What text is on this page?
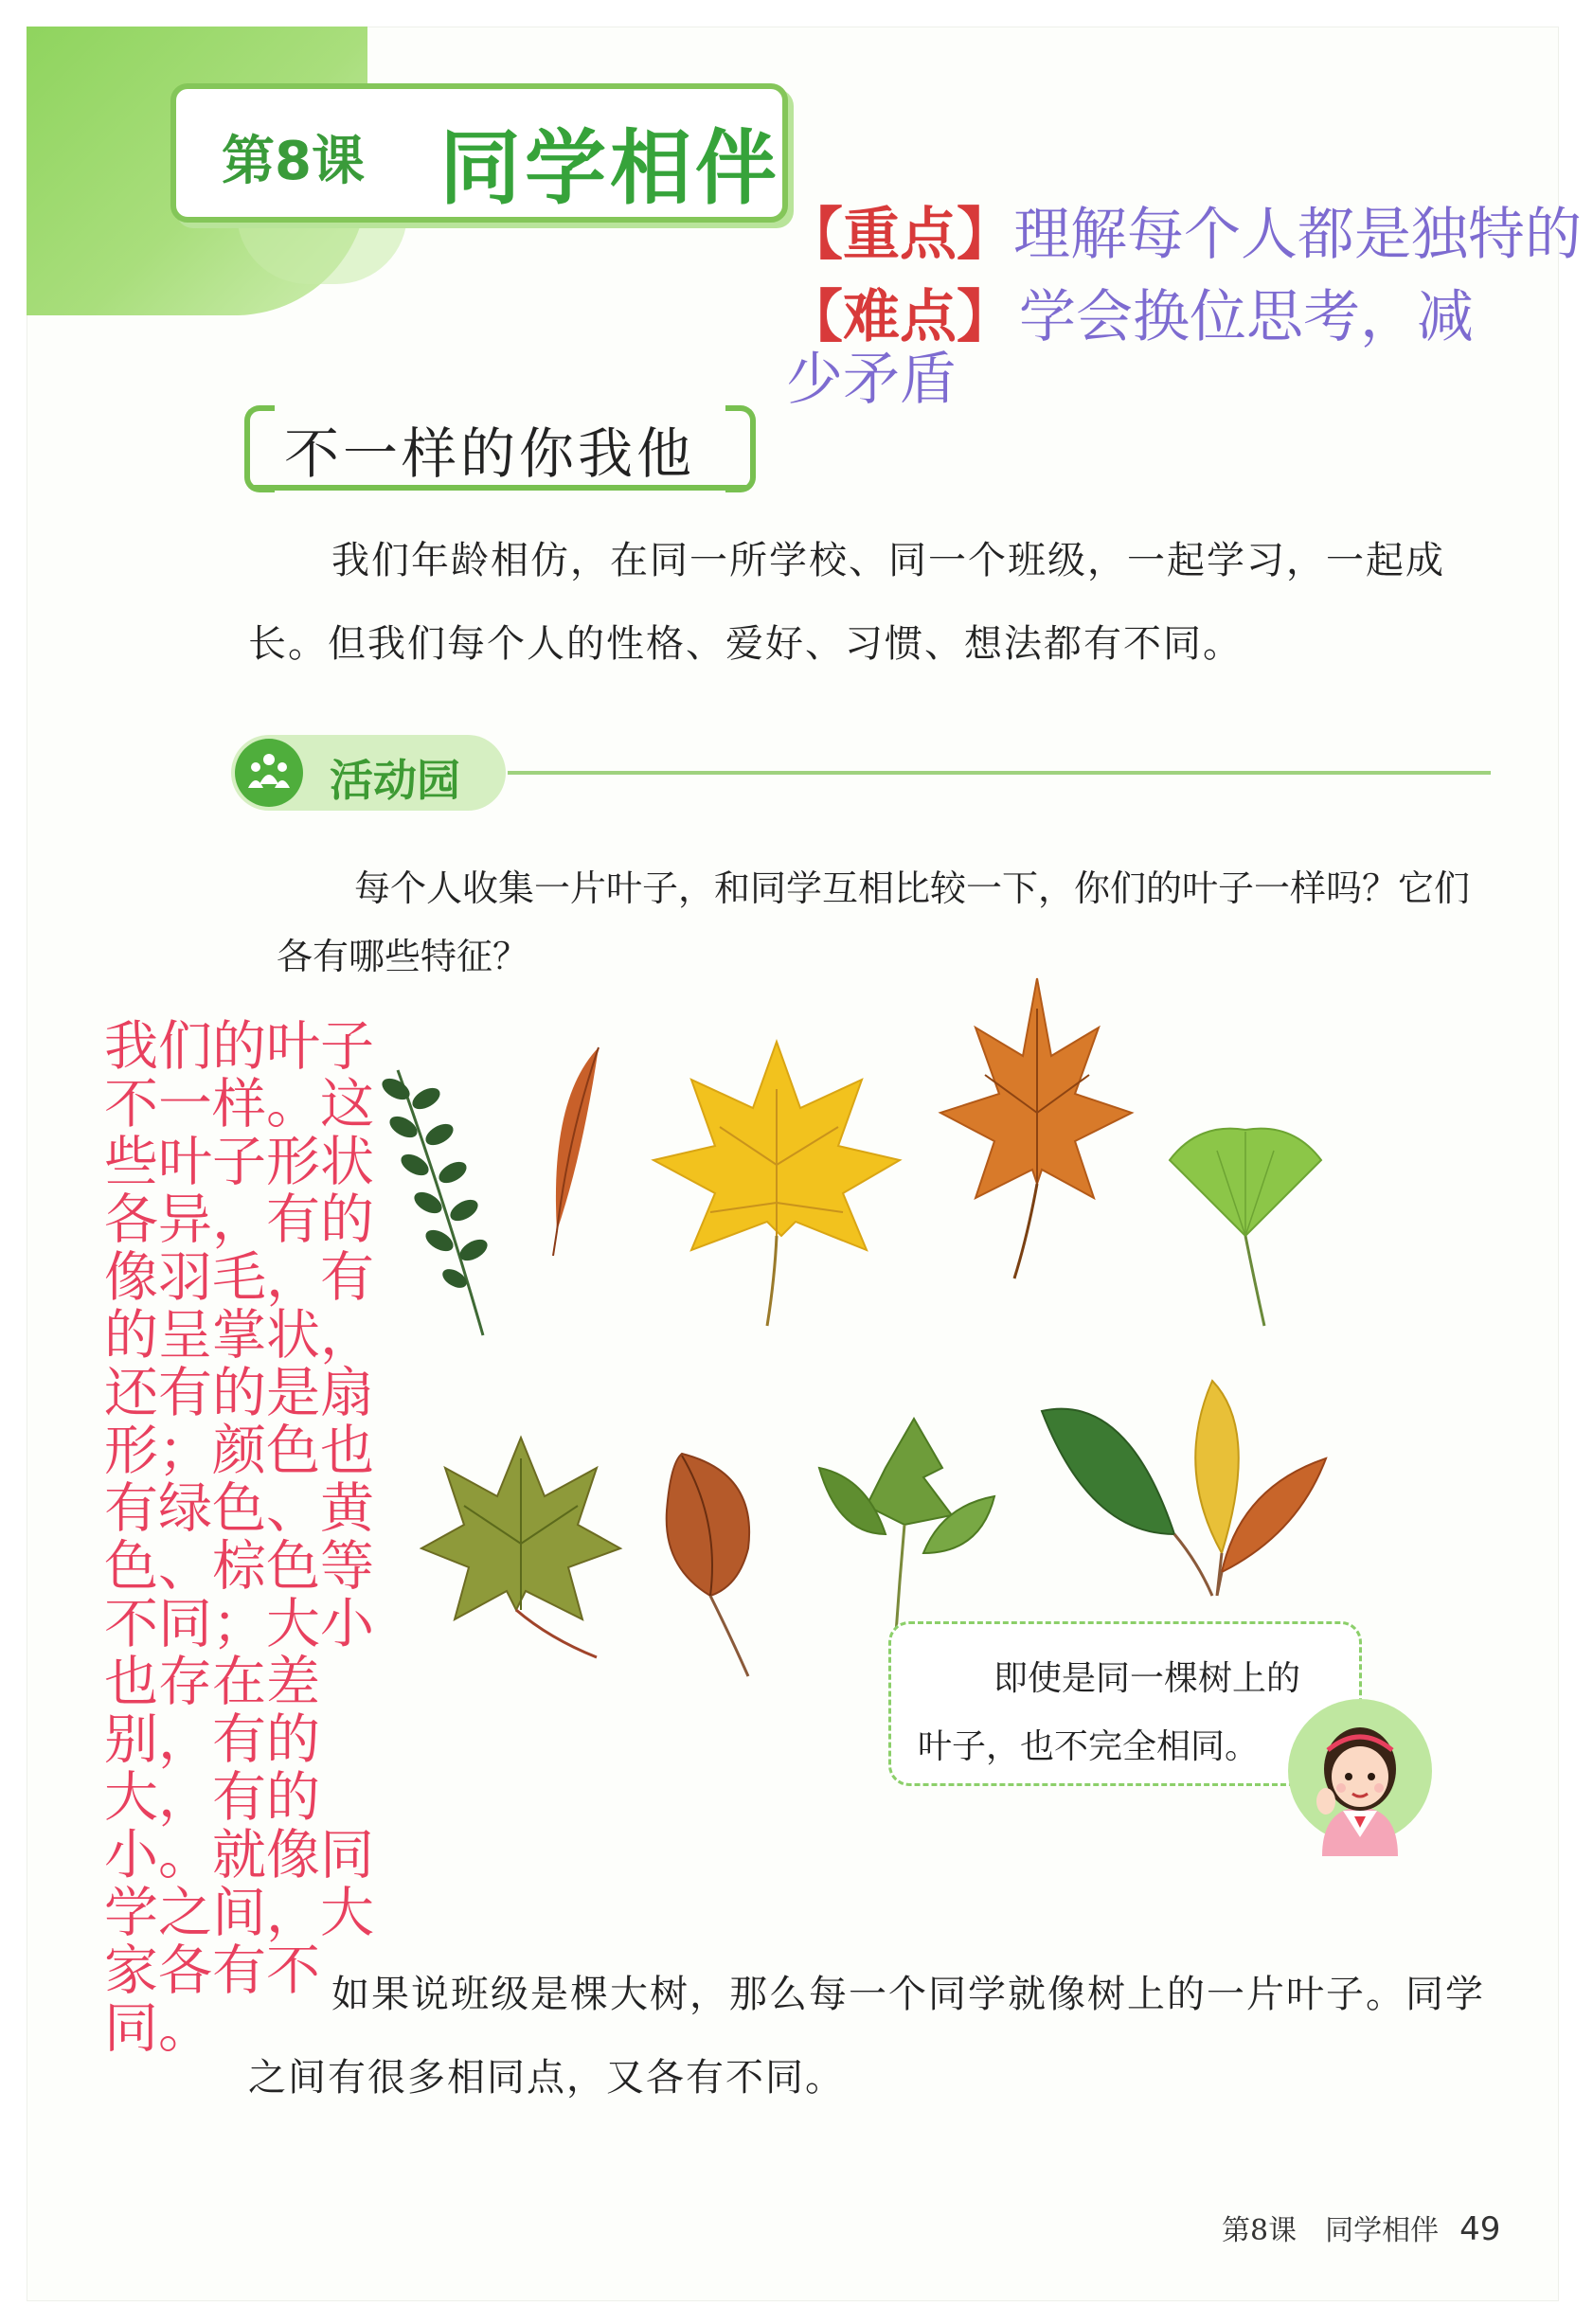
第8课 同学相伴
【重点】理解每个人都是独特的
【难点】 学会换位思考，减少矛盾
不一样的你我他
我们年龄相仿，在同一所学校、同一个班级，一起学习，一起成长。但我们每个人的性格、爱好、习惯、想法都有不同。
活动园
每个人收集一片叶子，和同学互相比较一下，你们的叶子一样吗？它们各有哪些特征？
我们的叶子不一样。这些叶子形状各异，有的像羽毛，有的呈掌状，还有的是扇形；颜色也有绿色、黄色、棕色等不同；大小也存在差别，有的大，有的小。就像同学之间，大家各有不同。
即使是同一棵树上的
叶子，也不完全相同。
如果说班级是棵大树，那么每一个同学就像树上的一片叶子。同学之间有很多相同点，又各有不同。
第8课　同学相伴 49
